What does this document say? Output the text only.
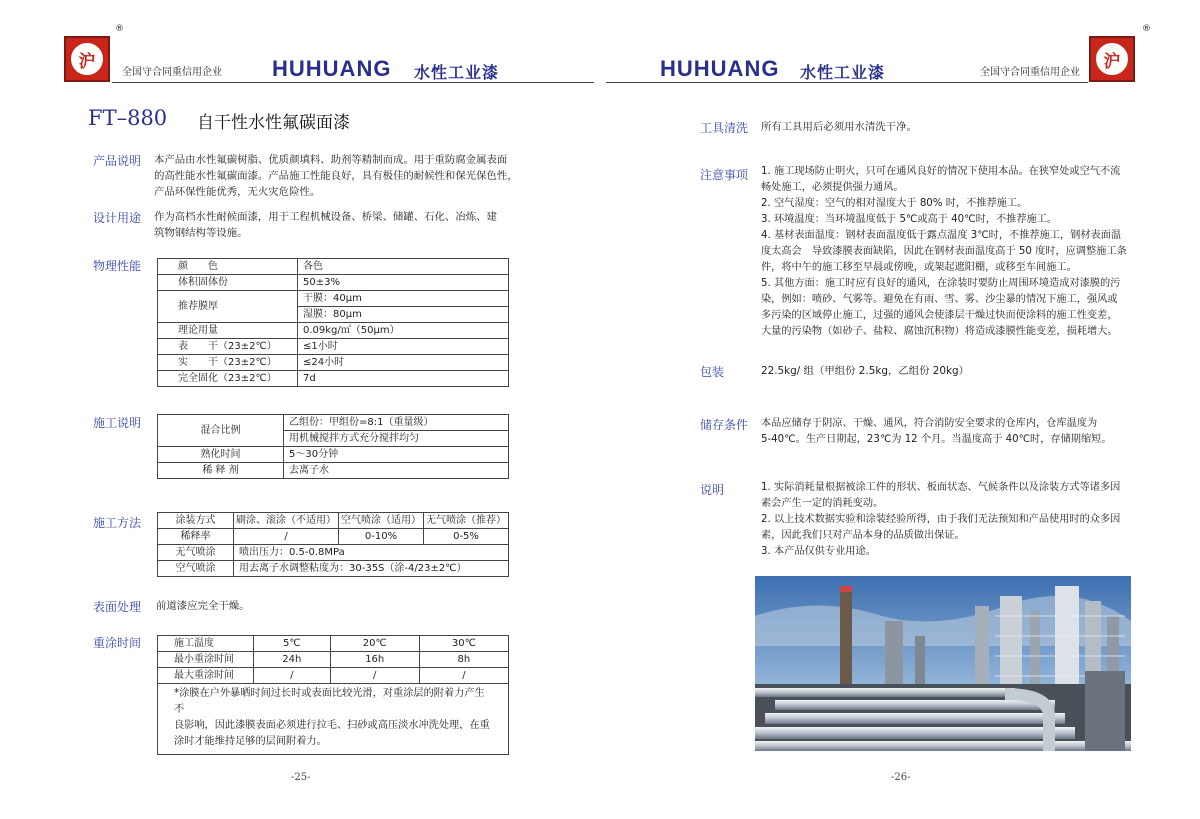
沪
®
全国守合同重信用企业 HUHUANG 水性工业漆	HUHUANG 水性工业漆	全国守合同重信用企业
沪
®
FT–880 自干性水性氟碳面漆
产品说明 本产品由水性氟碳树脂、优质颜填料、助剂等精制而成。用于重防腐金属表面
的高性能水性氟碳面漆。产品施工性能良好，具有极佳的耐候性和保光保色性，
产品环保性能优秀，无火灾危险性。
设计用途 作为高档水性耐候面漆，用于工程机械设备、桥梁、储罐、石化、冶炼、建
筑物钢结构等设施。
物理性能	颜　　色	各色
体积固体份	50±3%
推荐膜厚	干膜：40μm
	湿膜：80μm
理论用量	0.09kg/㎡（50μm）
表　　干（23±2℃）	≤1小时
实　　干（23±2℃）	≤24小时
完全固化（23±2℃）	7d
施工说明	混合比例	乙组份：甲组份=8:1（重量级）
	用机械搅拌方式充分搅拌均匀
熟化时间	5～30分钟
稀 释 剂	去离子水
施工方法	涂装方式	刷涂、滚涂（不适用）	空气喷涂（适用）	无气喷涂（推荐）
稀释率	/	0-10%	0-5%
无气喷涂	喷出压力：0.5-0.8MPa		
空气喷涂	用去离子水调整粘度为：30-35S（涂-4/23±2℃）		
表面处理 前道漆应完全干燥。
重涂时间	施工温度	5℃	20℃	30℃
最小重涂时间	24h	16h	8h
最大重涂时间	/	/	/

*涂膜在户外暴晒时间过长时或表面比较光滑，对重涂层的附着力产生不
良影响，因此漆膜表面必须进行拉毛、扫砂或高压淡水冲洗处理，在重
涂时才能维持足够的层间附着力。			
-25-
工具清洗 所有工具用后必须用水清洗干净。
注意事项 1. 施工现场防止明火，只可在通风良好的情况下使用本品。在狭窄处或空气不流
畅处施工，必须提供强力通风。
2. 空气湿度：空气的相对湿度大于 80% 时，不推荐施工。
3. 环境温度：当环境温度低于 5℃或高于 40℃时，不推荐施工。
4. 基材表面温度：钢材表面温度低于露点温度 3℃时，不推荐施工，钢材表面温
度太高会　导致漆膜表面缺陷，因此在钢材表面温度高于 50 度时，应调整施工条
件，将中午的施工移至早晨或傍晚，或架起遮阳棚，或移至车间施工。
5. 其他方面：施工时应有良好的通风，在涂装时要防止周围环境造成对漆膜的污
染，例如：喷砂、气雾等。避免在有雨、雪、雾、沙尘暴的情况下施工，强风或
多污染的区域停止施工，过强的通风会使漆层干燥过快而使涂料的施工性变差，
大量的污染物（如砂子、盐粒、腐蚀沉积物）将造成漆膜性能变差，损耗增大。
包装	22.5kg/ 组（甲组份 2.5kg，乙组份 20kg）
储存条件 本品应储存于阴凉、干燥、通风，符合消防安全要求的仓库内，仓库温度为
5-40℃。生产日期起，23℃为 12 个月。当温度高于 40℃时，存储期缩短。
说明	1. 实际消耗量根据被涂工件的形状、板面状态、气候条件以及涂装方式等诸多因
素会产生一定的消耗变动。
2. 以上技术数据实验和涂装经验所得，由于我们无法预知和产品使用时的众多因
素，因此我们只对产品本身的品质做出保证。
3. 本产品仅供专业用途。
-26-
